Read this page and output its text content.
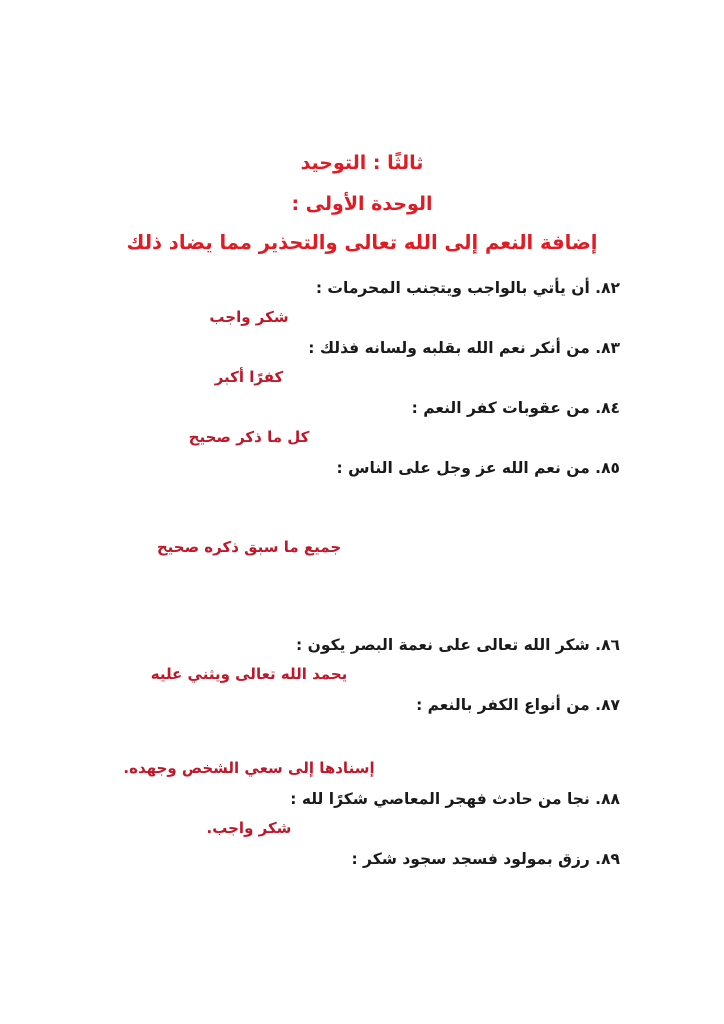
ثالثًا : التوحيد
الوحدة الأولى :
إضافة النعم إلى الله تعالى والتحذير مما يضاد ذلك
٨٢. أن يأتي بالواجب ويتجنب المحرمات :
شكر واجب
٨٣. من أنكر نعم الله بقلبه ولسانه فذلك :
كفرًا أكبر
٨٤. من عقوبات كفر النعم :
كل ما ذكر صحيح
٨٥. من نعم الله عز وجل على الناس :
جميع ما سبق ذكره صحيح
٨٦. شكر الله تعالى على نعمة البصر يكون :
يحمد الله تعالى ويثني عليه
٨٧. من أنواع الكفر بالنعم :
إسنادها إلى سعي الشخص وجهده.
٨٨. نجا من حادث فهجر المعاصي شكرًا لله :
شكر واجب.
٨٩. رزق بمولود فسجد سجود شكر :
